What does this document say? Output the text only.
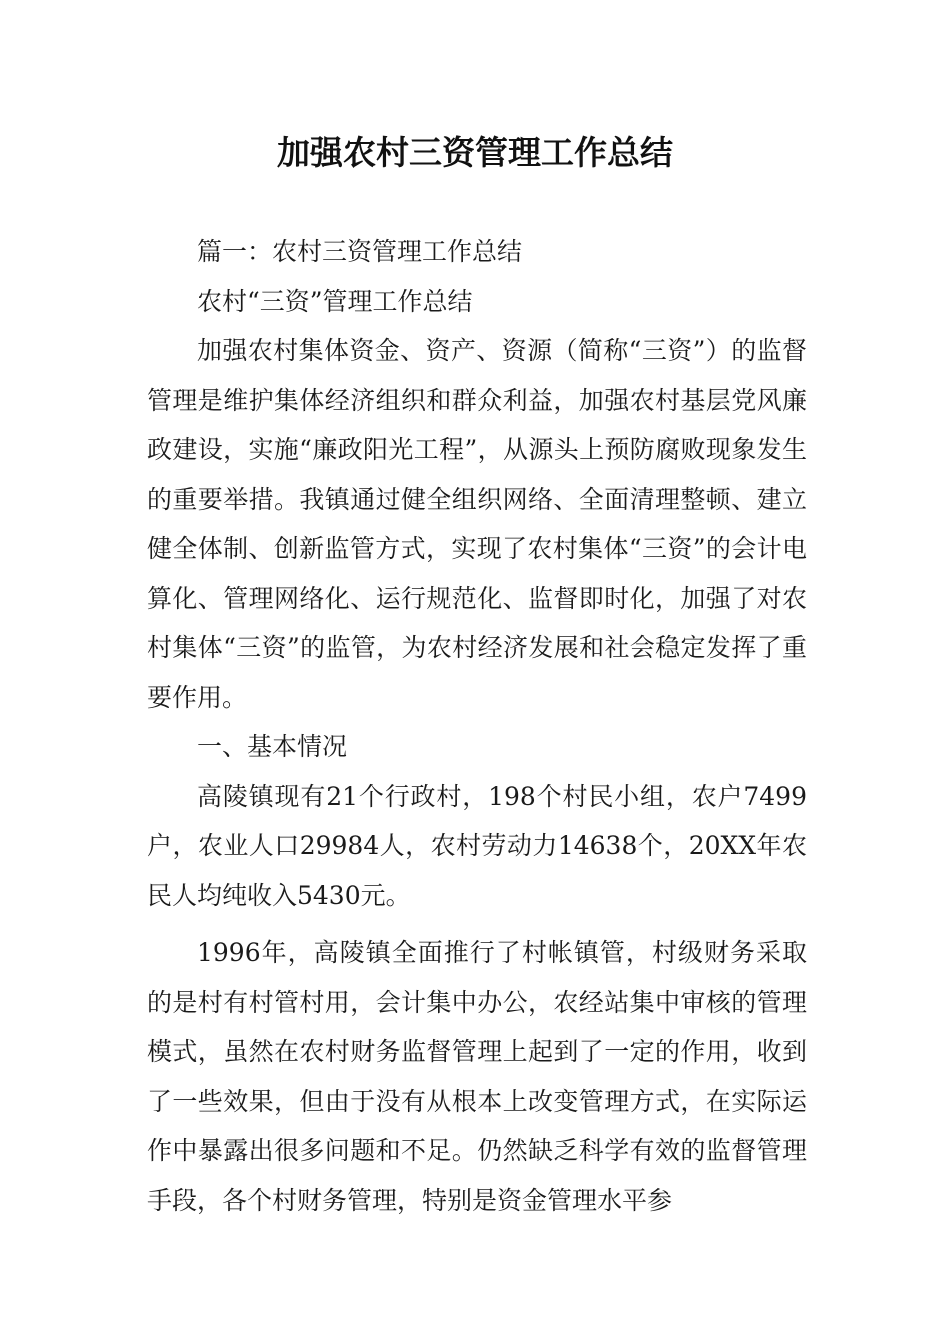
加强农村三资管理工作总结

篇一：农村三资管理工作总结

农村“三资”管理工作总结

加强农村集体资金、资产、资源（简称“三资”）的监督管理是维护集体经济组织和群众利益，加强农村基层党风廉政建设，实施“廉政阳光工程”，从源头上预防腐败现象发生的重要举措。我镇通过健全组织网络、全面清理整顿、建立健全体制、创新监管方式，实现了农村集体“三资”的会计电算化、管理网络化、运行规范化、监督即时化，加强了对农村集体“三资”的监管，为农村经济发展和社会稳定发挥了重要作用。

一、基本情况

高陵镇现有21个行政村，198个村民小组，农户7499户，农业人口29984人，农村劳动力14638个，20XX年农民人均纯收入5430元。

1996年，高陵镇全面推行了村帐镇管，村级财务采取的是村有村管村用，会计集中办公，农经站集中审核的管理模式，虽然在农村财务监督管理上起到了一定的作用，收到了一些效果，但由于没有从根本上改变管理方式，在实际运作中暴露出很多问题和不足。仍然缺乏科学有效的监督管理手段，各个村财务管理，特别是资金管理水平参
